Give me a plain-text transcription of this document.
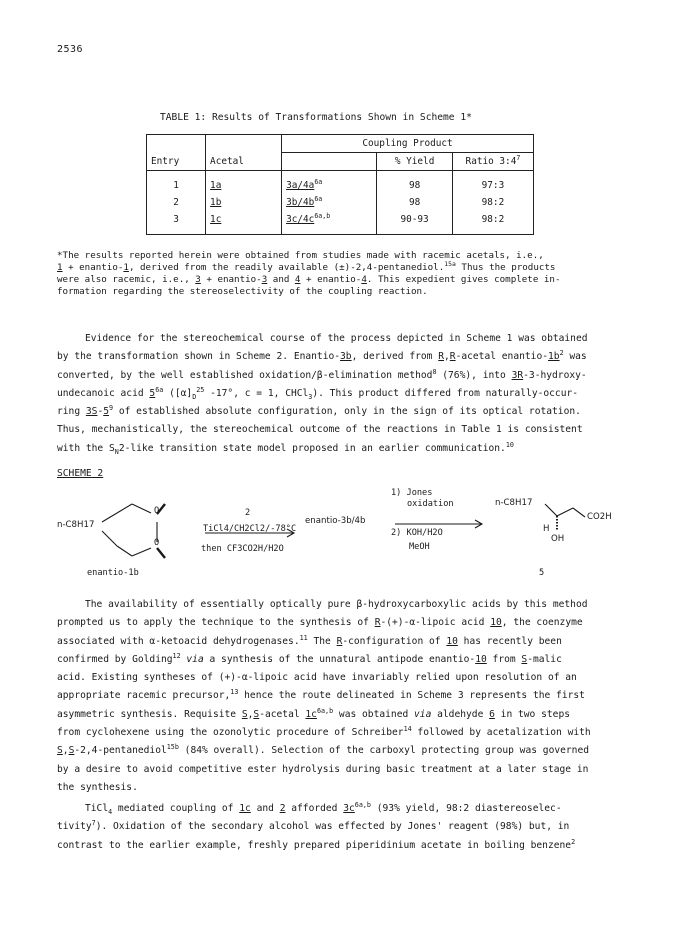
2536
TABLE 1: Results of Transformations Shown in Scheme 1*
		Coupling Product		
Entry	Acetal		% Yield	Ratio $3:4^7$
1	1a	$3a/4a^{6a}$	98	97:3
2	1b	$3b/4b^{6a}$	98	98:2
3	1c	$3c/4c^{6a,b}$	90-93	98:2
*The results reported herein were obtained from studies made with racemic acetals, i.e.,
1 + enantio-1, derived from the readily available (±)-2,4-pentanediol.$^{15a}$ Thus the products
were also racemic, i.e., 3 + enantio-3 and 4 + enantio-4. This expedient gives complete in-
formation regarding the stereoselectivity of the coupling reaction.

Evidence for the stereochemical course of the process depicted in Scheme 1 was obtained

by the transformation shown in Scheme 2. Enantio-3b, derived from R,R-acetal enantio-$1b^2$ was

converted, by the well established oxidation/β-elimination method$^8$ (76%), into 3R-3-hydroxy-

undecanoic acid $5^{6a}$ ($[\alpha]_D^{25}$ -17°, c = 1, CHCl$_3$). This product differed from naturally-occur-

ring $3S-5^9$ of established absolute configuration, only in the sign of its optical rotation.

Thus, mechanistically, the stereochemical outcome of the reactions in Table 1 is consistent

with the $S_N2$-like transition state model proposed in an earlier communication.$^{10}$

SCHEME 2
O
O
n-C8H17
enantio-1b
2
TiCl4/CH2Cl2/-78°C
then CF3CO2H/H2O
enantio-3b/4b
1) Jones
oxidation
2) KOH/H2O
MeOH
n-C8H17
CO2H
H
OH
5

The availability of essentially optically pure β-hydroxycarboxylic acids by this method

prompted us to apply the technique to the synthesis of R-(+)-α-lipoic acid 10, the coenzyme

associated with α-ketoacid dehydrogenases.$^{11}$ The R-configuration of 10 has recently been

confirmed by Golding$^{12}$ via a synthesis of the unnatural antipode enantio-10 from S-malic

acid. Existing syntheses of (+)-α-lipoic acid have invariably relied upon resolution of an

appropriate racemic precursor,$^{13}$ hence the route delineated in Scheme 3 represents the first

asymmetric synthesis. Requisite S,S-acetal $1c^{6a,b}$ was obtained via aldehyde 6 in two steps

from cyclohexene using the ozonolytic procedure of Schreiber$^{14}$ followed by acetalization with

S,S-2,4-pentanediol$^{15b}$ (84% overall). Selection of the carboxyl protecting group was governed

by a desire to avoid competitive ester hydrolysis during basic treatment at a later stage in

the synthesis.

TiCl$_4$ mediated coupling of 1c and 2 afforded $3c^{6a,b}$ (93% yield, 98:2 diastereoselec-

tivity$^7$). Oxidation of the secondary alcohol was effected by Jones' reagent (98%) but, in

contrast to the earlier example, freshly prepared piperidinium acetate in boiling benzene$^2$
